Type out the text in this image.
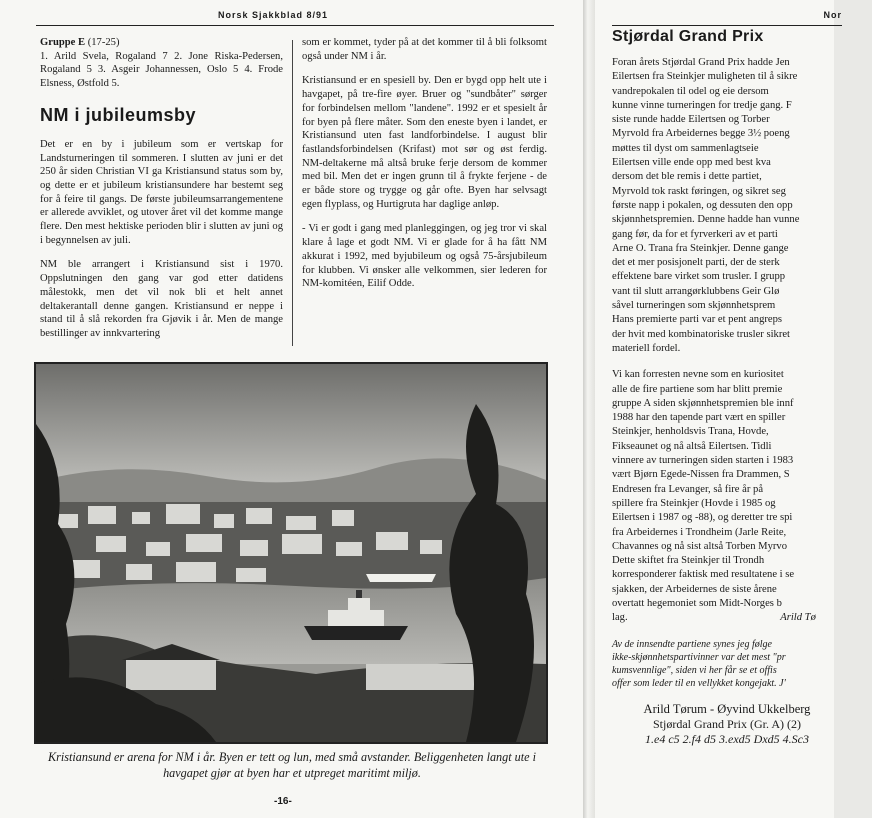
Norsk Sjakkblad 8/91

Gruppe E (17-25)
1. Arild Svela, Rogaland 7 2. Jone Riska-Pedersen, Rogaland 5 3. Asgeir Johannessen, Oslo 5 4. Frode Elsness, Østfold 5.

NM i jubileumsby

Det er en by i jubileum som er vertskap for Landsturneringen til sommeren. I slutten av juni er det 250 år siden Christian VI ga Kristiansund status som by, og dette er et jubileum kristiansundere har bestemt seg for å feire til gangs. De første jubileumsarrangementene er allerede avviklet, og utover året vil det komme mange flere. Den mest hektiske perioden blir i slutten av juni og i begynnelsen av juli.

NM ble arrangert i Kristiansund sist i 1970. Oppslutningen den gang var god etter datidens målestokk, men det vil nok bli et helt annet deltakerantall denne gangen. Kristiansund er neppe i stand til å slå rekorden fra Gjøvik i år. Men de mange bestillinger av innkvartering

som er kommet, tyder på at det kommer til å bli folksomt også under NM i år.

Kristiansund er en spesiell by. Den er bygd opp helt ute i havgapet, på tre-fire øyer. Bruer og "sundbåter" sørger for forbindelsen mellom "landene". 1992 er et spesielt år for byen på flere måter. Som den eneste byen i landet, er Kristiansund uten fast landforbindelse. I august blir fastlandsforbindelsen (Krifast) mot sør og øst ferdig. NM-deltakerne må altså bruke ferje dersom de kommer med bil. Men det er ingen grunn til å frykte ferjene - de er både store og trygge og går ofte. Byen har selvsagt egen flyplass, og Hurtigruta har daglige anløp.

- Vi er godt i gang med planleggingen, og jeg tror vi skal klare å lage et godt NM. Vi er glade for å ha fått NM akkurat i 1992, med byjubileum og også 75-årsjubileum for klubben. Vi ønsker alle velkommen, sier lederen for NM-komitéen, Eilif Odde.

Kristiansund er arena for NM i år. Byen er tett og lun, med små avstander. Beliggenheten langt ute i havgapet gjør at byen har et utpreget maritimt miljø.
-16-
Nor
Stjørdal Grand Prix
Foran årets Stjørdal Grand Prix hadde Jen
Eilertsen fra Steinkjer muligheten til å sikre
vandrepokalen til odel og eie dersom
kunne vinne turneringen for tredje gang. F
siste runde hadde Eilertsen og Torber
Myrvold fra Arbeidernes begge 3½ poeng
møttes til dyst om sammenlagtseie
Eilertsen ville ende opp med best kva
dersom det ble remis i dette partiet,
Myrvold tok raskt føringen, og sikret seg
første napp i pokalen, og dessuten den opp
skjønnhetspremien. Denne hadde han vunne
gang før, da for et fyrverkeri av et parti
Arne O. Trana fra Steinkjer. Denne gange
det et mer posisjonelt parti, der de sterk
effektene bare virket som trusler. I grupp
vant til slutt arrangørklubbens Geir Glø
såvel turneringen som skjønnhetsprem
Hans premierte parti var et pent angreps
der hvit med kombinatoriske trusler sikret
materiell fordel.
Vi kan forresten nevne som en kuriositet
alle de fire partiene som har blitt premie
gruppe A siden skjønnhetspremien ble innf
1988 har den tapende part vært en spiller
Steinkjer, henholdsvis Trana, Hovde,
Fikseaunet og nå altså Eilertsen. Tidli
vinnere av turneringen siden starten i 1983
vært Bjørn Egede-Nissen fra Drammen, S
Endresen fra Levanger, så fire år på
spillere fra Steinkjer (Hovde i 1985 og
Eilertsen i 1987 og -88), og deretter tre spi
fra Arbeidernes i Trondheim (Jarle Reite,
Chavannes og nå sist altså Torben Myrvo
Dette skiftet fra Steinkjer til Trondh
korresponderer faktisk med resultatene i se
sjakken, der Arbeidernes de siste årene
overtatt hegemoniet som Midt-Norges b
lag.	Arild Tø
Av de innsendte partiene synes jeg følge
ikke-skjønnhetspartivinner var det mest "pr
kumsvennlige", siden vi her får se et offis
offer som leder til en vellykket kongejakt. J'
Arild Tørum - Øyvind Ukkelberg
Stjørdal Grand Prix (Gr. A) (2)
1.e4 c5 2.f4 d5 3.exd5 Dxd5 4.Sc3
